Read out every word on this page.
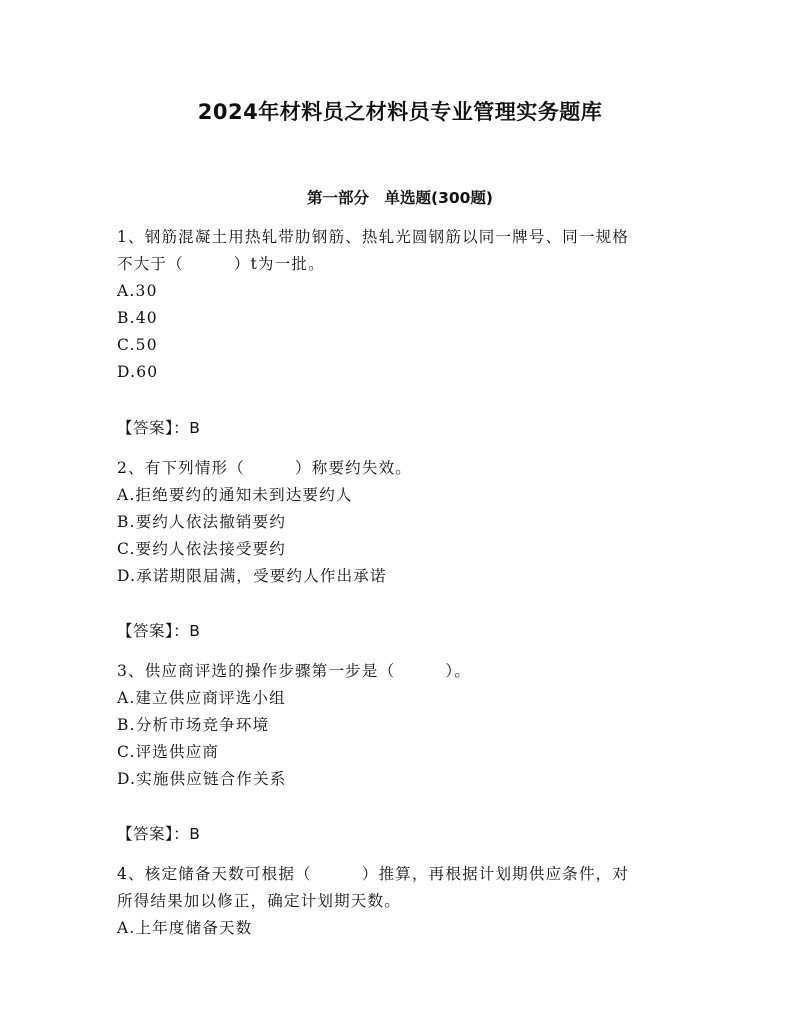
2024年材料员之材料员专业管理实务题库
第一部分　单选题(300题)
1、钢筋混凝土用热轧带肋钢筋、热轧光圆钢筋以同一牌号、同一规格
不大于（　　　）t为一批。
A.30
B.40
C.50
D.60
【答案】：B
2、有下列情形（　　　）称要约失效。
A.拒绝要约的通知未到达要约人
B.要约人依法撤销要约
C.要约人依法接受要约
D.承诺期限届满，受要约人作出承诺
【答案】：B
3、供应商评选的操作步骤第一步是（　　　）。
A.建立供应商评选小组
B.分析市场竞争环境
C.评选供应商
D.实施供应链合作关系
【答案】：B
4、核定储备天数可根据（　　　）推算，再根据计划期供应条件，对
所得结果加以修正，确定计划期天数。
A.上年度储备天数
